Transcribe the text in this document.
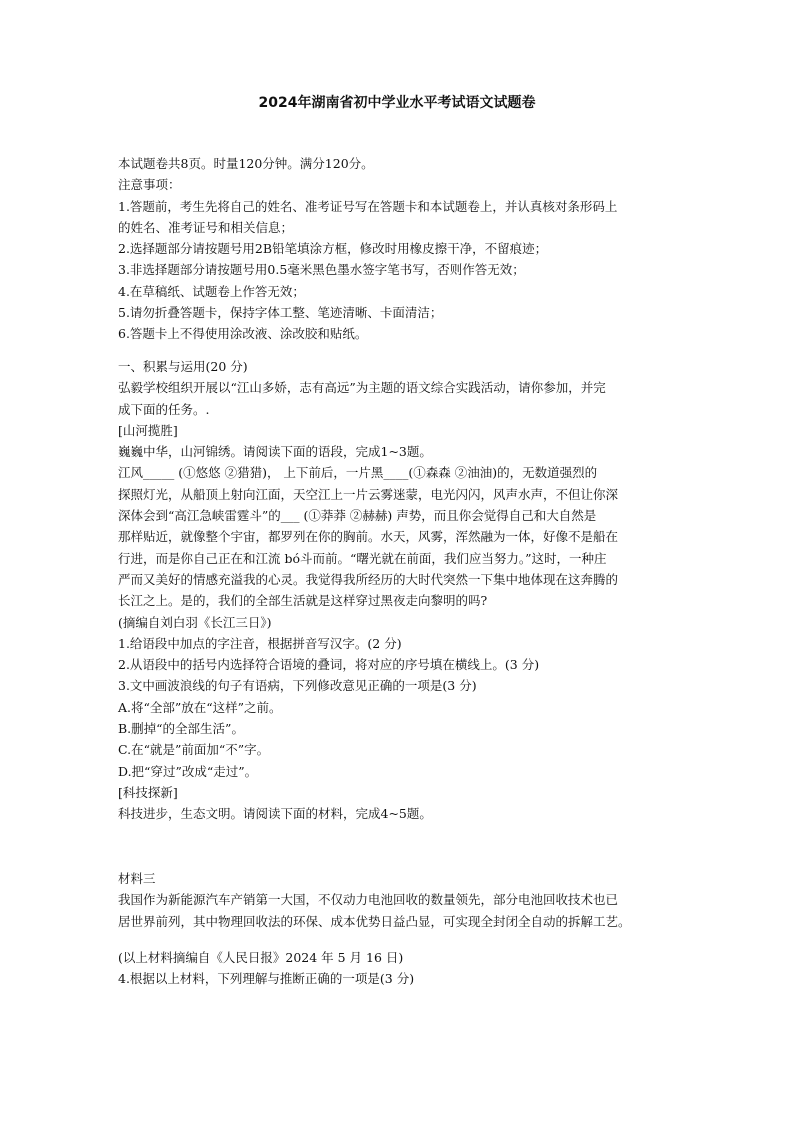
2024年湖南省初中学业水平考试语文试题卷
本试题卷共8页。时量120分钟。满分120分。
注意事项：
1.答题前，考生先将自己的姓名、准考证号写在答题卡和本试题卷上，并认真核对条形码上
的姓名、准考证号和相关信息；
2.选择题部分请按题号用2B铅笔填涂方框，修改时用橡皮擦干净，不留痕迹；
3.非选择题部分请按题号用0.5毫米黑色墨水签字笔书写，否则作答无效；
4.在草稿纸、试题卷上作答无效；
5.请勿折叠答题卡，保持字体工整、笔迹清晰、卡面清洁；
6.答题卡上不得使用涂改液、涂改胶和贴纸。
一、积累与运用(20 分)
弘毅学校组织开展以“江山多娇，志有高远”为主题的语文综合实践活动，请你参加，并完
成下面的任务。.
[山河揽胜]
巍巍中华，山河锦绣。请阅读下面的语段，完成1~3题。
江风_____ (①悠悠 ②猎猎)， 上下前后，一片黑____(①森森 ②油油)的，无数道强烈的
探照灯光，从船顶上射向江面，天空江上一片云雾迷蒙，电光闪闪，风声水声，不但让你深
深体会到“高江急峡雷霆斗”的___ (①莽莽 ②赫赫) 声势，而且你会觉得自己和大自然是
那样贴近，就像整个宇宙，都罗列在你的胸前。水天，风雾，浑然融为一体，好像不是船在
行进，而是你自己正在和江流 bó斗而前。“曙光就在前面，我们应当努力。”这时，一种庄
严而又美好的情感充溢我的心灵。我觉得我所经历的大时代突然一下集中地体现在这奔腾的
长江之上。是的，我们的全部生活就是这样穿过黑夜走向黎明的吗?
(摘编自刘白羽《长江三日》)
1.给语段中加点的字注音，根据拼音写汉字。(2 分)
2.从语段中的括号内选择符合语境的叠词，将对应的序号填在横线上。(3 分)
3.文中画波浪线的句子有语病，下列修改意见正确的一项是(3 分)
A.将“全部”放在“这样”之前。
B.删掉“的全部生活”。
C.在“就是”前面加“不”字。
D.把“穿过”改成“走过”。
[科技探新]
科技进步，生态文明。请阅读下面的材料，完成4~5题。
材料三
我国作为新能源汽车产销第一大国，不仅动力电池回收的数量领先，部分电池回收技术也已
居世界前列，其中物理回收法的环保、成本优势日益凸显，可实现全封闭全自动的拆解工艺。
(以上材料摘编自《人民日报》2024 年 5 月 16 日)
4.根据以上材料，下列理解与推断正确的一项是(3 分)
